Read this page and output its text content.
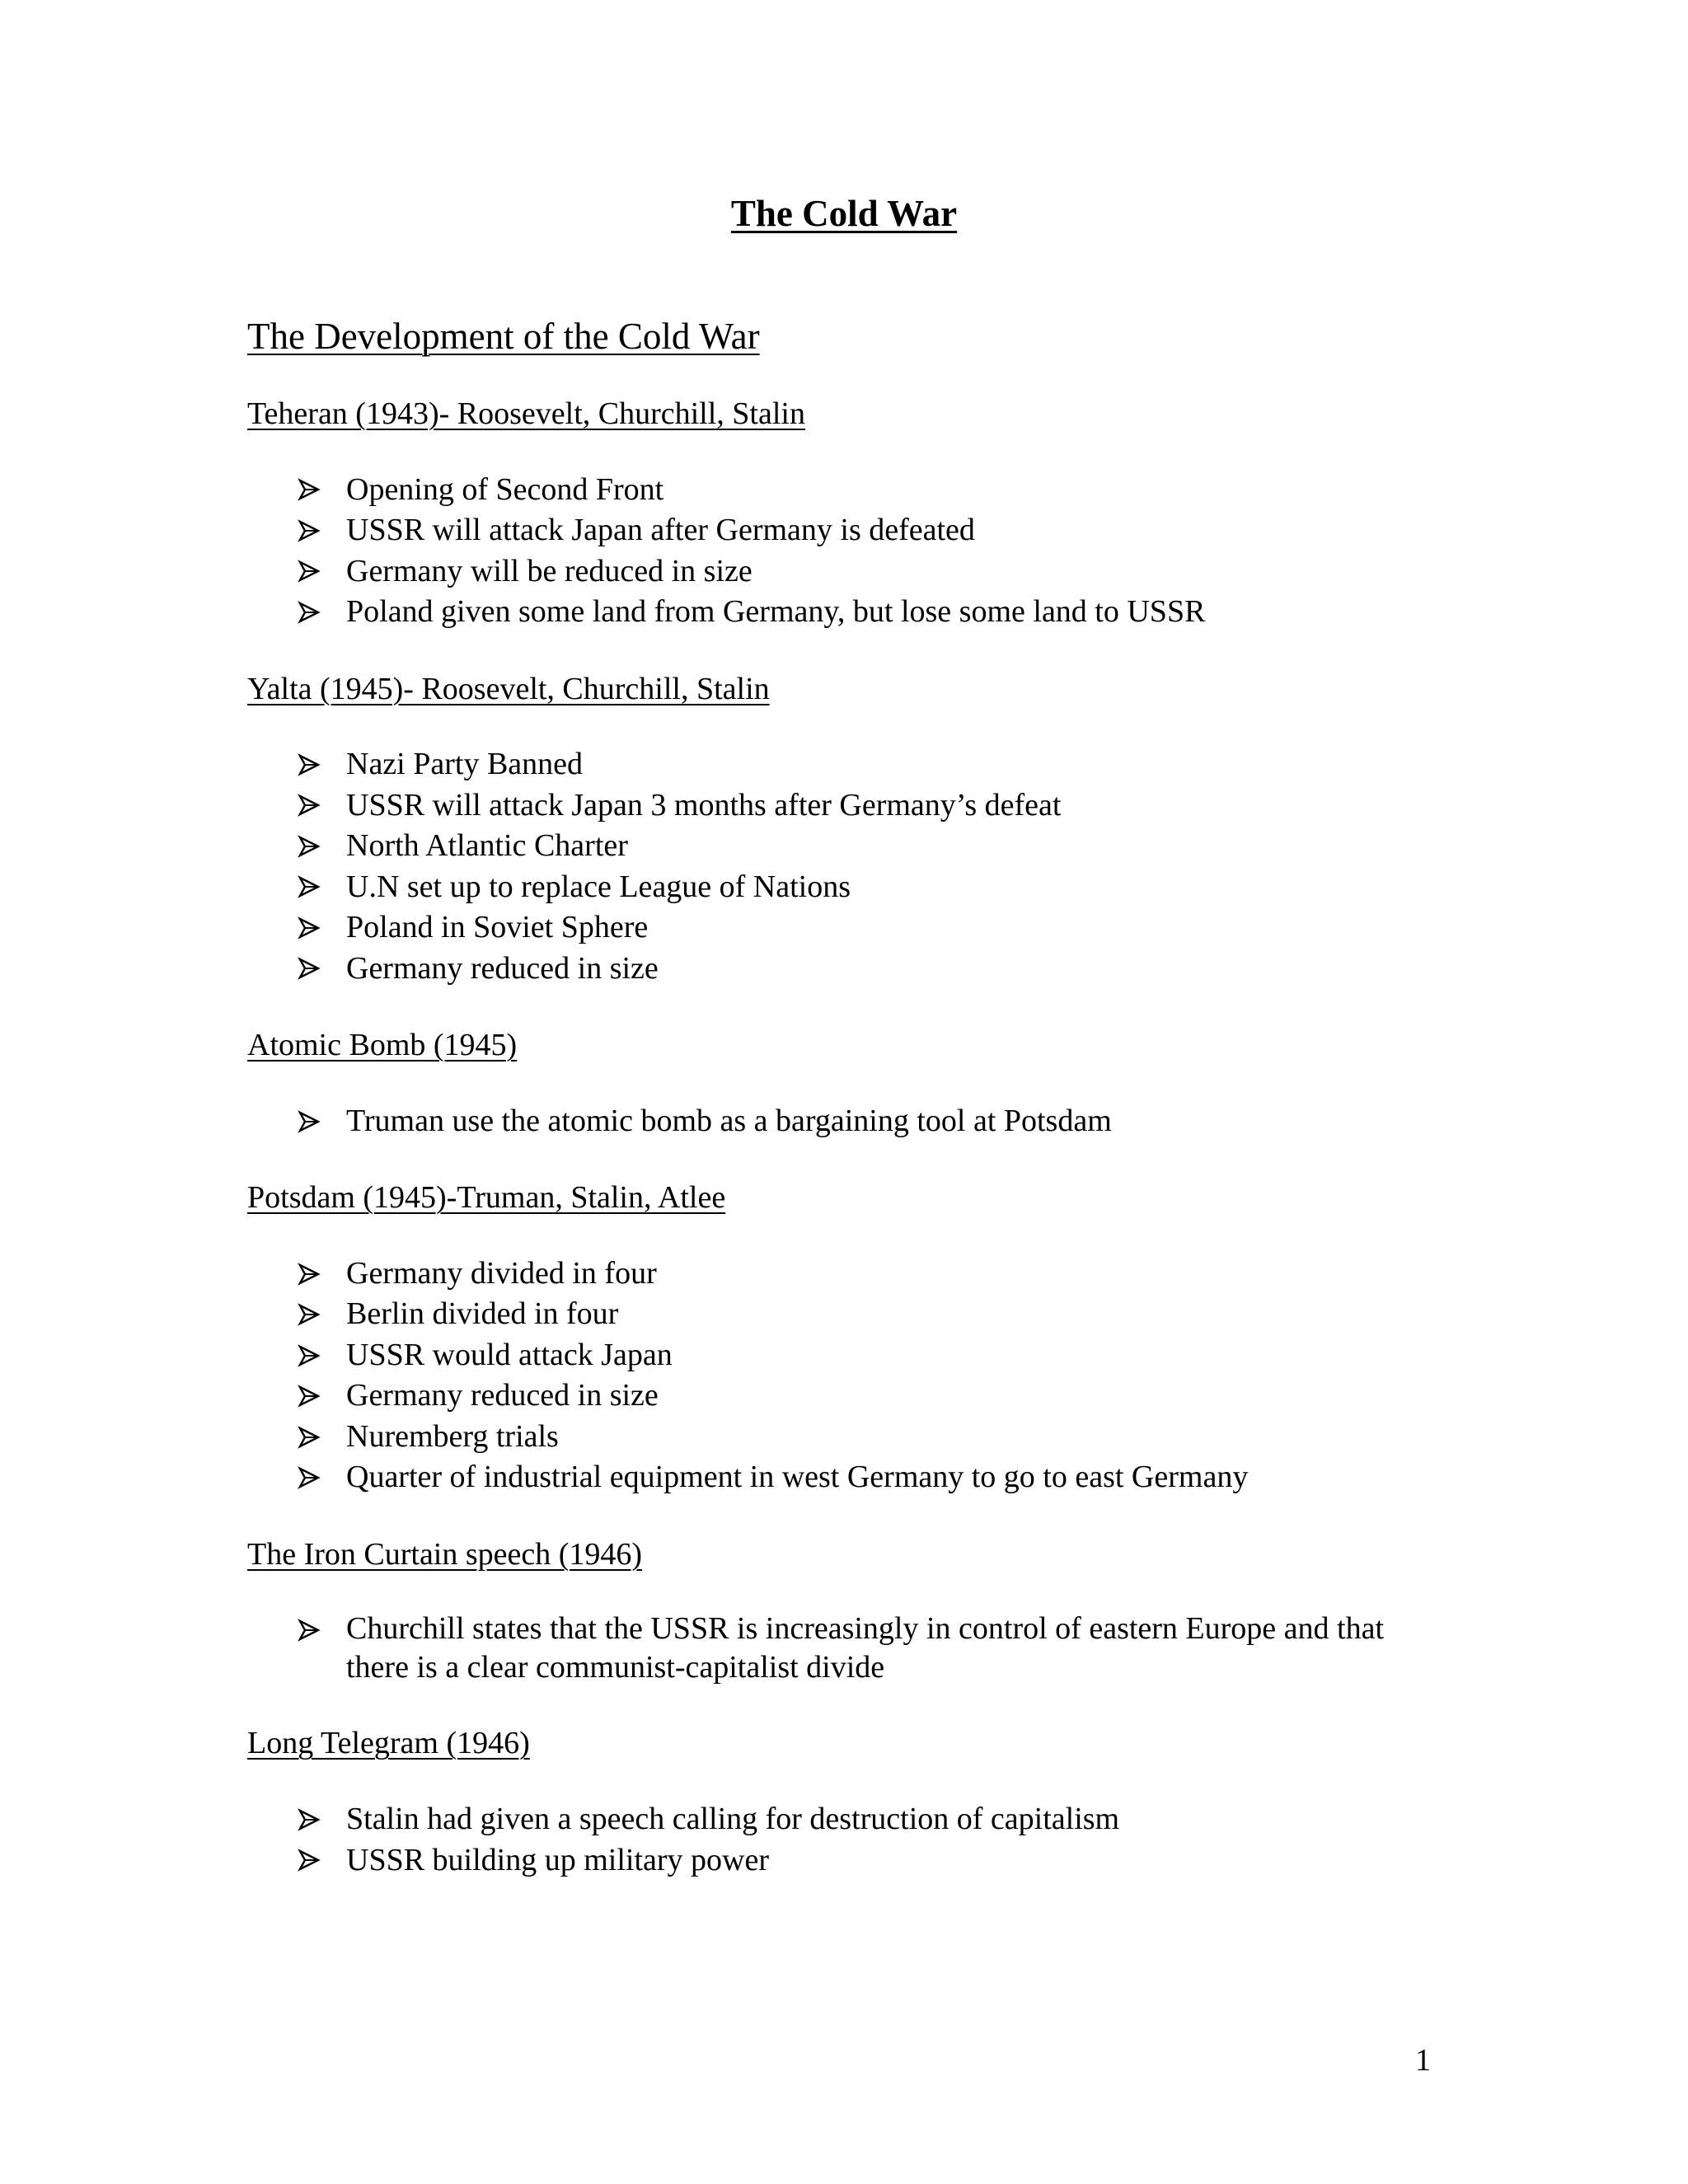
The Cold War
The Development of the Cold War
Teheran (1943)- Roosevelt, Churchill, Stalin
Opening of Second Front
USSR will attack Japan after Germany is defeated
Germany will be reduced in size
Poland given some land from Germany, but lose some land to USSR
Yalta (1945)- Roosevelt, Churchill, Stalin
Nazi Party Banned
USSR will attack Japan 3 months after Germany’s defeat
North Atlantic Charter
U.N set up to replace League of Nations
Poland in Soviet Sphere
Germany reduced in size
Atomic Bomb (1945)
Truman use the atomic bomb as a bargaining tool at Potsdam
Potsdam (1945)-Truman, Stalin, Atlee
Germany divided in four
Berlin divided in four
USSR would attack Japan
Germany reduced in size
Nuremberg trials
Quarter of industrial equipment in west Germany to go to east Germany
The Iron Curtain speech (1946)
Churchill states that the USSR is increasingly in control of eastern Europe and that there is a clear communist-capitalist divide
Long Telegram (1946)
Stalin had given a speech calling for destruction of capitalism
USSR building up military power
1
